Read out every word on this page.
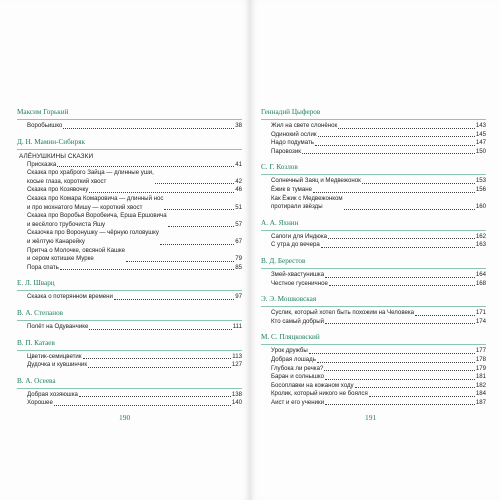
Максим Горький
Воробьишко	38
Д. Н. Мамин-Сибиряк
АЛЁНУШКИНЫ СКАЗКИ
Присказка	41
Сказка про храброго Зайца — длинные уши,
косые глаза, короткий хвост	42
Сказка про Козявочку	46
Сказка про Комара Комаровича — длинный нос
и про мохнатого Мишу — короткий хвост	51
Сказка про Воробья Воробеича, Ерша Ершовича
и весёлого трубочиста Яшу	57
Сказочка про Воронушку — чёрную головушку
и жёлтую Канарейку	67
Притча о Молочке, овсяной Кашке
и сером котишке Мурке	79
Пора спать	85
Е. Л. Шварц
Сказка о потерянном времени	97
В. А. Степанов
Полёт на Одуванчике	111
В. П. Катаев
Цветик-семицветик	113
Дудочка и кувшинчик	127
В. А. Осеева
Добрая хозяюшка	138
Хорошее	140
190
Геннадий Цыферов
Жил на свете слонёнок	143
Одинокий ослик	145
Надо подумать	147
Паровозик	150
С. Г. Козлов
Солнечный Заяц и Медвежонок	153
Ёжик в тумане	156
Как Ёжик с Медвежонком
протирали звёзды	160
А. А. Яхнин
Сапоги для Индюка	162
С утра до вечера	163
В. Д. Берестов
Змей-хвастунишка	164
Честное гусеничное	168
Э. Э. Мошковская
Суслик, который хотел быть похожим на Человека	171
Кто самый добрый	174
М. С. Пляцковский
Урок дружбы	177
Добрая лошадь	178
Глубока ли речка?	179
Баран и солнышко	181
Босоплавки на кожаном ходу	182
Кролик, который никого не боялся	184
Аист и его ученики	187
191
